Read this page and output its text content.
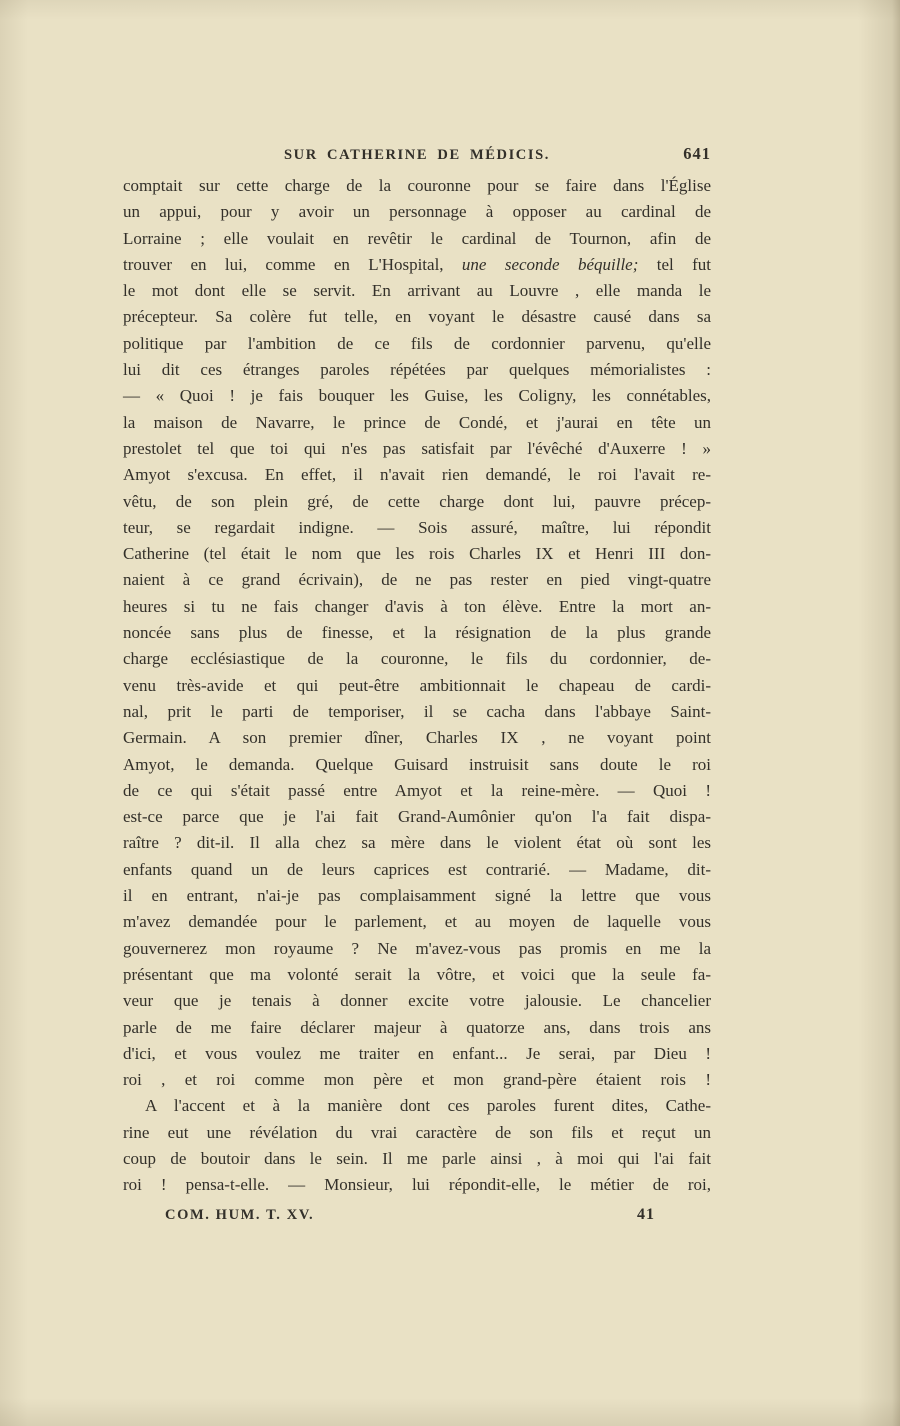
SUR CATHERINE DE MÉDICIS.	641
comptait sur cette charge de la couronne pour se faire dans l'Église
un appui, pour y avoir un personnage à opposer au cardinal de
Lorraine ; elle voulait en revêtir le cardinal de Tournon, afin de
trouver en lui, comme en L'Hospital, une seconde béquille; tel fut
le mot dont elle se servit. En arrivant au Louvre , elle manda le
précepteur. Sa colère fut telle, en voyant le désastre causé dans sa
politique par l'ambition de ce fils de cordonnier parvenu, qu'elle
lui dit ces étranges paroles répétées par quelques mémorialistes :
— « Quoi ! je fais bouquer les Guise, les Coligny, les connétables,
la maison de Navarre, le prince de Condé, et j'aurai en tête un
prestolet tel que toi qui n'es pas satisfait par l'évêché d'Auxerre ! »
Amyot s'excusa. En effet, il n'avait rien demandé, le roi l'avait re-
vêtu, de son plein gré, de cette charge dont lui, pauvre précep-
teur, se regardait indigne. — Sois assuré, maître, lui répondit
Catherine (tel était le nom que les rois Charles IX et Henri III don-
naient à ce grand écrivain), de ne pas rester en pied vingt-quatre
heures si tu ne fais changer d'avis à ton élève. Entre la mort an-
noncée sans plus de finesse, et la résignation de la plus grande
charge ecclésiastique de la couronne, le fils du cordonnier, de-
venu très-avide et qui peut-être ambitionnait le chapeau de cardi-
nal, prit le parti de temporiser, il se cacha dans l'abbaye Saint-
Germain. A son premier dîner, Charles IX , ne voyant point
Amyot, le demanda. Quelque Guisard instruisit sans doute le roi
de ce qui s'était passé entre Amyot et la reine-mère. — Quoi !
est-ce parce que je l'ai fait Grand-Aumônier qu'on l'a fait dispa-
raître ? dit-il. Il alla chez sa mère dans le violent état où sont les
enfants quand un de leurs caprices est contrarié. — Madame, dit-
il en entrant, n'ai-je pas complaisamment signé la lettre que vous
m'avez demandée pour le parlement, et au moyen de laquelle vous
gouvernerez mon royaume ? Ne m'avez-vous pas promis en me la
présentant que ma volonté serait la vôtre, et voici que la seule fa-
veur que je tenais à donner excite votre jalousie. Le chancelier
parle de me faire déclarer majeur à quatorze ans, dans trois ans
d'ici, et vous voulez me traiter en enfant... Je serai, par Dieu !
roi , et roi comme mon père et mon grand-père étaient rois !
A l'accent et à la manière dont ces paroles furent dites, Cathe-
rine eut une révélation du vrai caractère de son fils et reçut un
coup de boutoir dans le sein. Il me parle ainsi , à moi qui l'ai fait
roi ! pensa-t-elle. — Monsieur, lui répondit-elle, le métier de roi,
COM. HUM. T. XV.	41
